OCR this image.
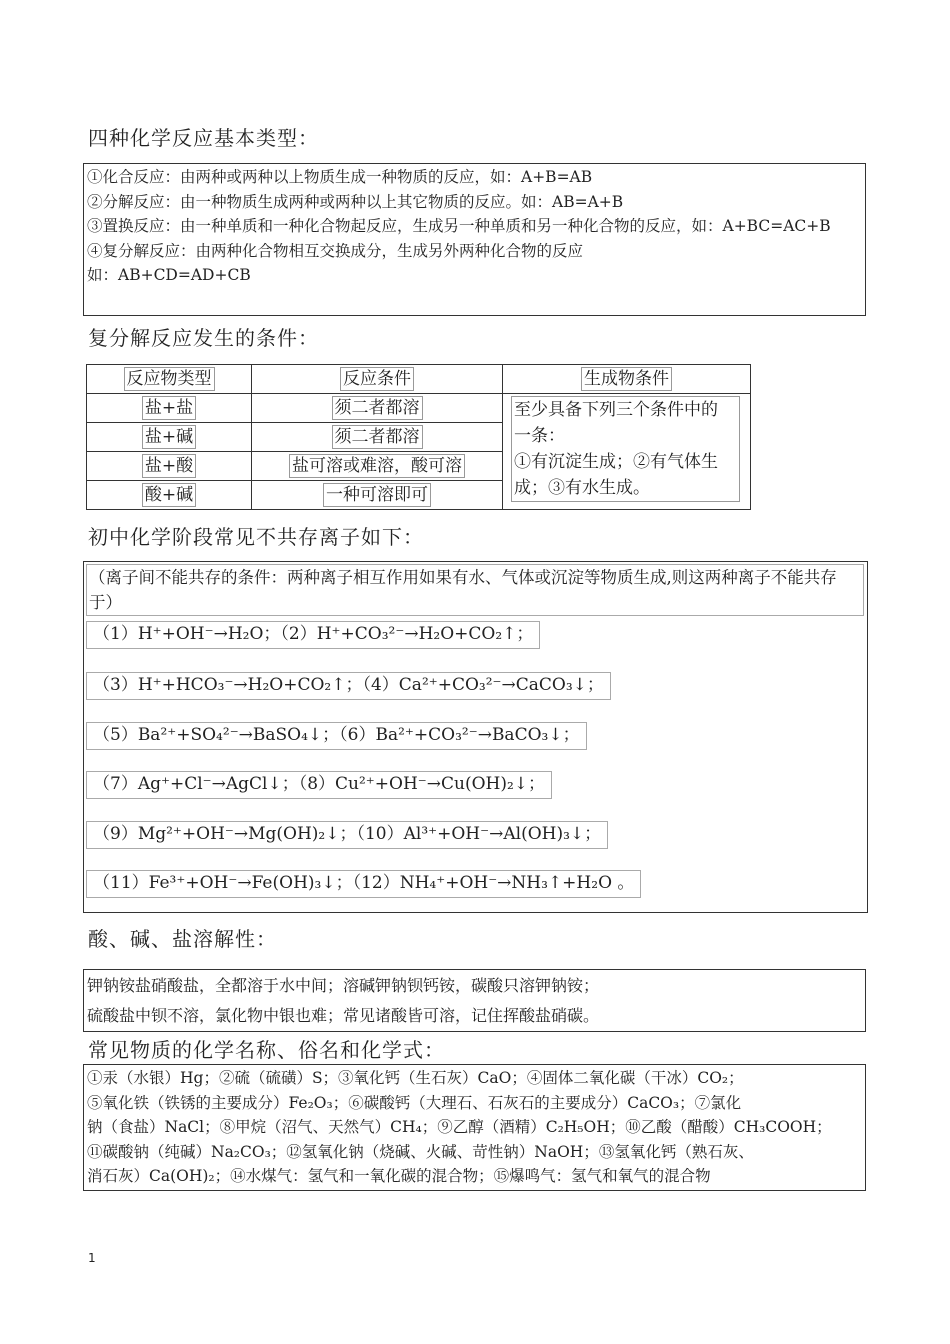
四种化学反应基本类型：

①化合反应：由两种或两种以上物质生成一种物质的反应，如：A+B=AB

②分解反应：由一种物质生成两种或两种以上其它物质的反应。如：AB=A+B

③置换反应：由一种单质和一种化合物起反应，生成另一种单质和另一种化合物的反应，如：A+BC=AC+B

④复分解反应：由两种化合物相互交换成分，生成另外两种化合物的反应

如：AB+CD=AD+CB

复分解反应发生的条件：
反应物类型	反应条件	生成物条件
盐+盐	须二者都溶	至少具备下列三个条件中的
一条：
①有沉淀生成；②有气体生
成；③有水生成。

盐+碱	须二者都溶	
盐+酸	盐可溶或难溶，酸可溶	
酸+碱	一种可溶即可	
初中化学阶段常见不共存离子如下：
（离子间不能共存的条件：两种离子相互作用如果有水、气体或沉淀等物质生成,则这两种离子不能共存于）
（1）H⁺+OH⁻→H₂O；（2）H⁺+CO₃²⁻→H₂O+CO₂↑；
（3）H⁺+HCO₃⁻→H₂O+CO₂↑；（4）Ca²⁺+CO₃²⁻→CaCO₃↓；
（5）Ba²⁺+SO₄²⁻→BaSO₄↓；（6）Ba²⁺+CO₃²⁻→BaCO₃↓；
（7）Ag⁺+Cl⁻→AgCl↓；（8）Cu²⁺+OH⁻→Cu(OH)₂↓；
（9）Mg²⁺+OH⁻→Mg(OH)₂↓；（10）Al³⁺+OH⁻→Al(OH)₃↓；
（11）Fe³⁺+OH⁻→Fe(OH)₃↓；（12）NH₄⁺+OH⁻→NH₃↑+H₂O 。
酸、碱、盐溶解性：

钾钠铵盐硝酸盐，全都溶于水中间；溶碱钾钠钡钙铵，碳酸只溶钾钠铵；

硫酸盐中钡不溶，氯化物中银也难；常见诸酸皆可溶，记住挥酸盐硝碳。

常见物质的化学名称、俗名和化学式：

①汞（水银）Hg；②硫（硫磺）S；③氧化钙（生石灰）CaO；④固体二氧化碳（干冰）CO₂；

⑤氧化铁（铁锈的主要成分）Fe₂O₃；⑥碳酸钙（大理石、石灰石的主要成分）CaCO₃；⑦氯化

钠（食盐）NaCl；⑧甲烷（沼气、天然气）CH₄；⑨乙醇（酒精）C₂H₅OH；⑩乙酸（醋酸）CH₃COOH；

⑪碳酸钠（纯碱）Na₂CO₃；⑫氢氧化钠（烧碱、火碱、苛性钠）NaOH；⑬氢氧化钙（熟石灰、

消石灰）Ca(OH)₂；⑭水煤气：氢气和一氧化碳的混合物；⑮爆鸣气：氢气和氧气的混合物

1
